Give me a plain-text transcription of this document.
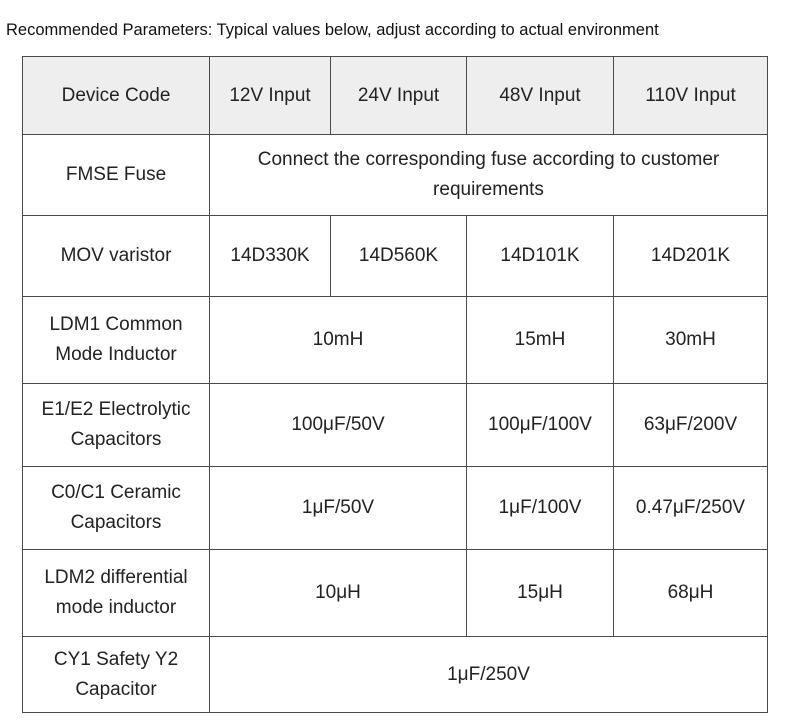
Recommended Parameters: Typical values below, adjust according to actual environment
Device Code	12V Input	24V Input	48V Input	110V Input
FMSE Fuse	Connect the corresponding fuse according to customer requirements			
MOV varistor	14D330K	14D560K	14D101K	14D201K
LDM1 Common Mode Inductor	10mH		15mH	30mH
E1/E2 Electrolytic Capacitors	100μF/50V		100μF/100V	63μF/200V
C0/C1 Ceramic Capacitors	1μF/50V		1μF/100V	0.47μF/250V
LDM2 differential mode inductor	10μH		15μH	68μH
CY1 Safety Y2 Capacitor	1μF/250V			
